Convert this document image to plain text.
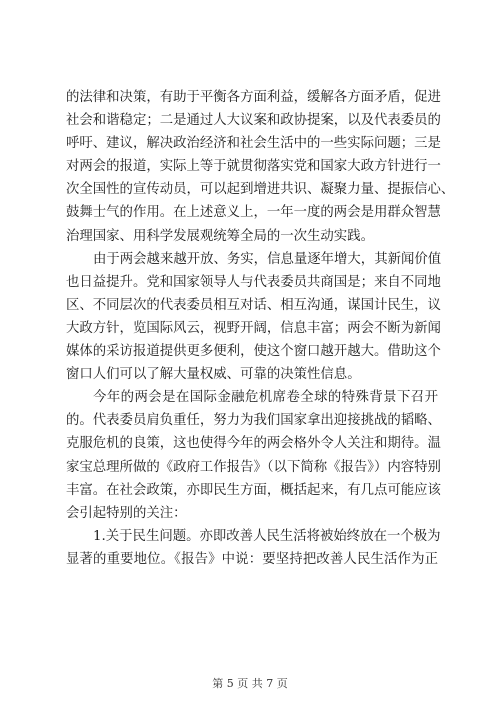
的法律和决策，有助于平衡各方面利益，缓解各方面矛盾，促进
社会和谐稳定；二是通过人大议案和政协提案，以及代表委员的
呼吁、建议，解决政治经济和社会生活中的一些实际问题；三是
对两会的报道，实际上等于就贯彻落实党和国家大政方针进行一
次全国性的宣传动员，可以起到增进共识、凝聚力量、提振信心、
鼓舞士气的作用。在上述意义上，一年一度的两会是用群众智慧
治理国家、用科学发展观统筹全局的一次生动实践。
由于两会越来越开放、务实，信息量逐年增大，其新闻价值
也日益提升。党和国家领导人与代表委员共商国是；来自不同地
区、不同层次的代表委员相互对话、相互沟通，谋国计民生，议
大政方针，览国际风云，视野开阔，信息丰富；两会不断为新闻
媒体的采访报道提供更多便利，使这个窗口越开越大。借助这个
窗口人们可以了解大量权威、可靠的决策性信息。
今年的两会是在国际金融危机席卷全球的特殊背景下召开
的。代表委员肩负重任，努力为我们国家拿出迎接挑战的韬略、
克服危机的良策，这也使得今年的两会格外令人关注和期待。温
家宝总理所做的《政府工作报告》（以下简称《报告》）内容特别
丰富。在社会政策，亦即民生方面，概括起来，有几点可能应该
会引起特别的关注：
1.关于民生问题。亦即改善人民生活将被始终放在一个极为
显著的重要地位。《报告》中说：要坚持把改善人民生活作为正
第 5 页 共 7 页
